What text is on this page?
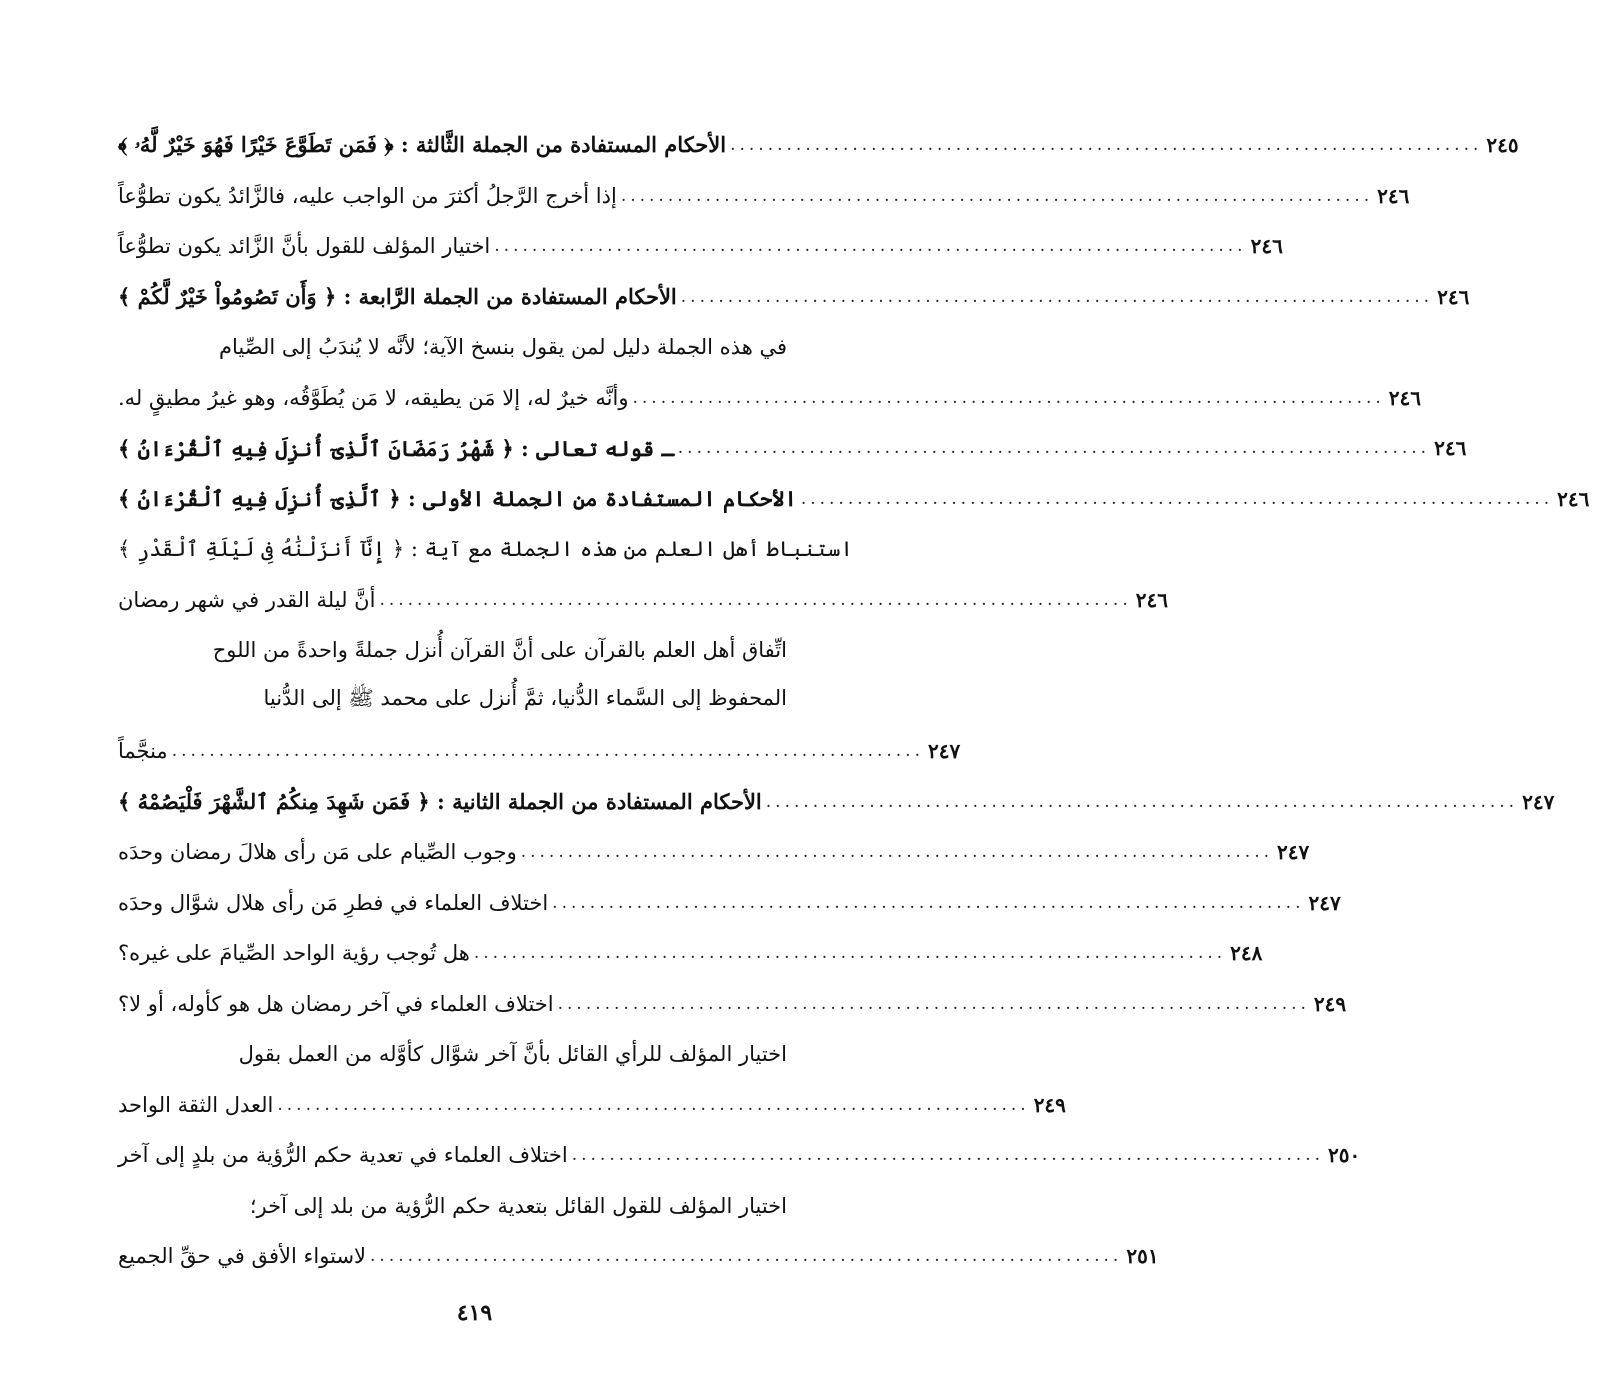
الأحكام المستفادة من الجملة الثَّالثة : ﴿ فَمَن تَطَوَّعَ خَيْرًا فَهُوَ خَيْرٌ لَّهُۥ ﴾ ................................................................................ ٢٤٥
إذا أخرج الرَّجلُ أكثرَ من الواجب عليه، فالزَّائدُ يكون تطوُّعاً ................................................................................ ٢٤٦
اختيار المؤلف للقول بأنَّ الزَّائد يكون تطوُّعاً ................................................................................ ٢٤٦
الأحكام المستفادة من الجملة الرَّابعة : ﴿ وَأَن تَصُومُواْ خَيْرٌ لَّكُمْ ﴾ ................................................................................ ٢٤٦
في هذه الجملة دليل لمن يقول بنسخ الآية؛ لأنَّه لا يُندَبُ إلى الصِّيام
وأنَّه خيرٌ له، إلا مَن يطيقه، لا مَن يُطَوَّقُه، وهو غيرُ مطيقٍ له. ................................................................................ ٢٤٦
ـ قوله تعالى : ﴿ شَهْرُ رَمَضَانَ ٱلَّذِىٓ أُنزِلَ فِيهِ ٱلْقُرْءَانُ ﴾ ................................................................................ ٢٤٦
الأحكام المستفادة من الجملة الأولى : ﴿ ٱلَّذِىٓ أُنزِلَ فِيهِ ٱلْقُرْءَانُ ﴾ ................................................................................ ٢٤٦
استنباط أهل العلم من هذه الجملة مع آية : ﴿ إِنَّآ أَنزَلْنَٰهُ فِى لَيْلَةِ ٱلْقَدْرِ ﴾
أنَّ ليلة القدر في شهر رمضان ................................................................................ ٢٤٦
اتِّفاق أهل العلم بالقرآن على أنَّ القرآن أُنزل جملةً واحدةً من اللوح
المحفوظ إلى السَّماء الدُّنيا، ثمَّ أُنزل على محمد ﷺ إلى الدُّنيا
منجَّماً ................................................................................ ٢٤٧
الأحكام المستفادة من الجملة الثانية : ﴿ فَمَن شَهِدَ مِنكُمُ ٱلشَّهْرَ فَلْيَصُمْهُ ﴾ ................................................................................ ٢٤٧
وجوب الصِّيام على مَن رأى هلالَ رمضان وحدَه ................................................................................ ٢٤٧
اختلاف العلماء في فطرِ مَن رأى هلال شوَّال وحدَه ................................................................................ ٢٤٧
هل تُوجب رؤية الواحد الصِّيامَ على غيره؟ ................................................................................ ٢٤٨
اختلاف العلماء في آخر رمضان هل هو كأوله، أو لا؟ ................................................................................ ٢٤٩
اختيار المؤلف للرأي القائل بأنَّ آخر شوَّال كأوَّله من العمل بقول
العدل الثقة الواحد ................................................................................ ٢٤٩
اختلاف العلماء في تعدية حكم الرُّؤية من بلدٍ إلى آخر ................................................................................ ٢٥٠
اختيار المؤلف للقول القائل بتعدية حكم الرُّؤية من بلد إلى آخر؛
لاستواء الأفق في حقِّ الجميع ................................................................................ ٢٥١
٤١٩
